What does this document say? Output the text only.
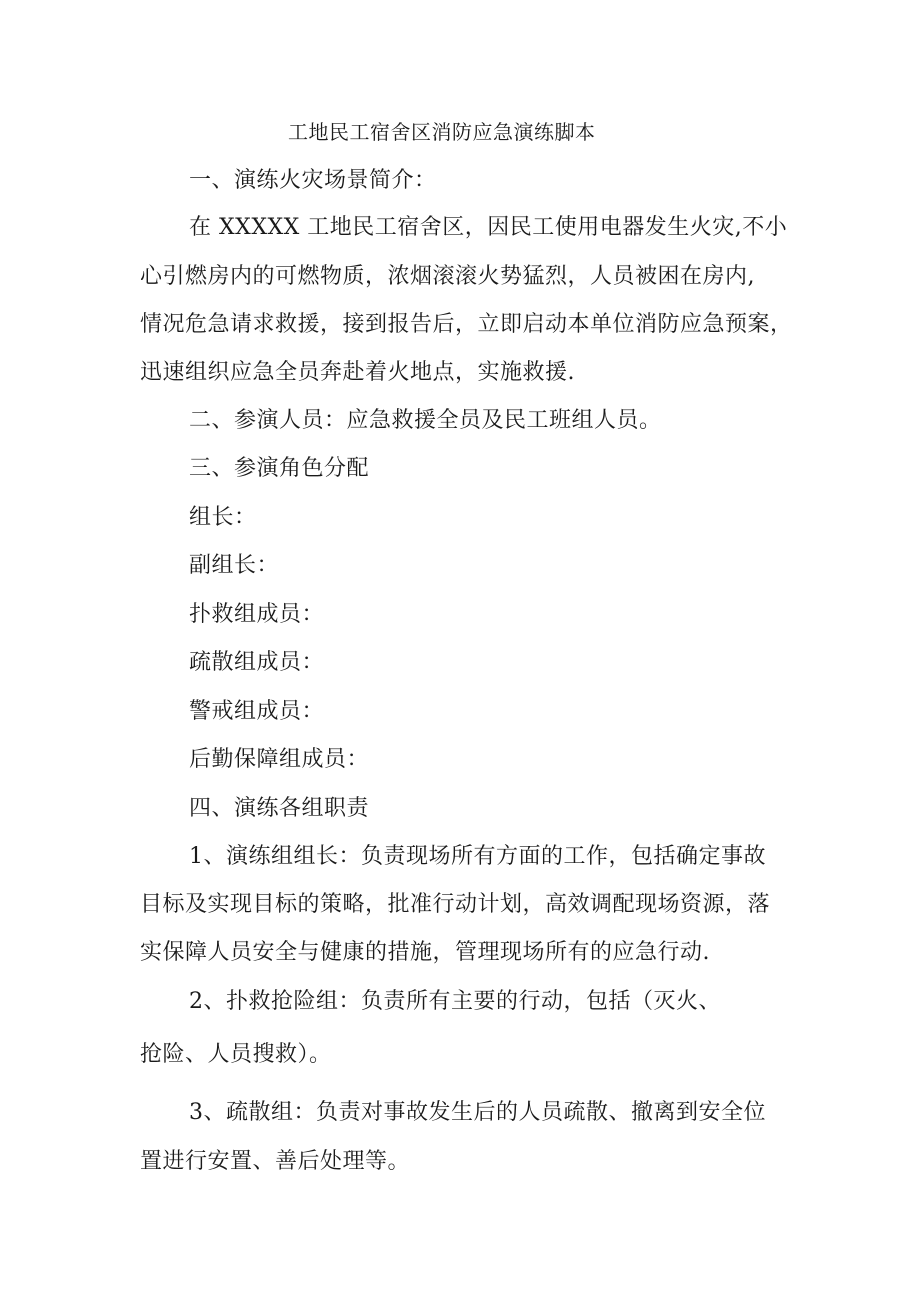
工地民工宿舍区消防应急演练脚本
一、演练火灾场景简介：
在 XXXXX 工地民工宿舍区，因民工使用电器发生火灾,不小
心引燃房内的可燃物质，浓烟滚滚火势猛烈，人员被困在房内,
情况危急请求救援，接到报告后，立即启动本单位消防应急预案，
迅速组织应急全员奔赴着火地点，实施救援.
二、参演人员：应急救援全员及民工班组人员。
三、参演角色分配
组长：
副组长：
扑救组成员：
疏散组成员：
警戒组成员：
后勤保障组成员：
四、演练各组职责
1、演练组组长：负责现场所有方面的工作，包括确定事故
目标及实现目标的策略，批准行动计划，高效调配现场资源，落
实保障人员安全与健康的措施，管理现场所有的应急行动.
2、扑救抢险组：负责所有主要的行动，包括（灭火、
抢险、人员搜救）。
3、疏散组：负责对事故发生后的人员疏散、撤离到安全位
置进行安置、善后处理等。
